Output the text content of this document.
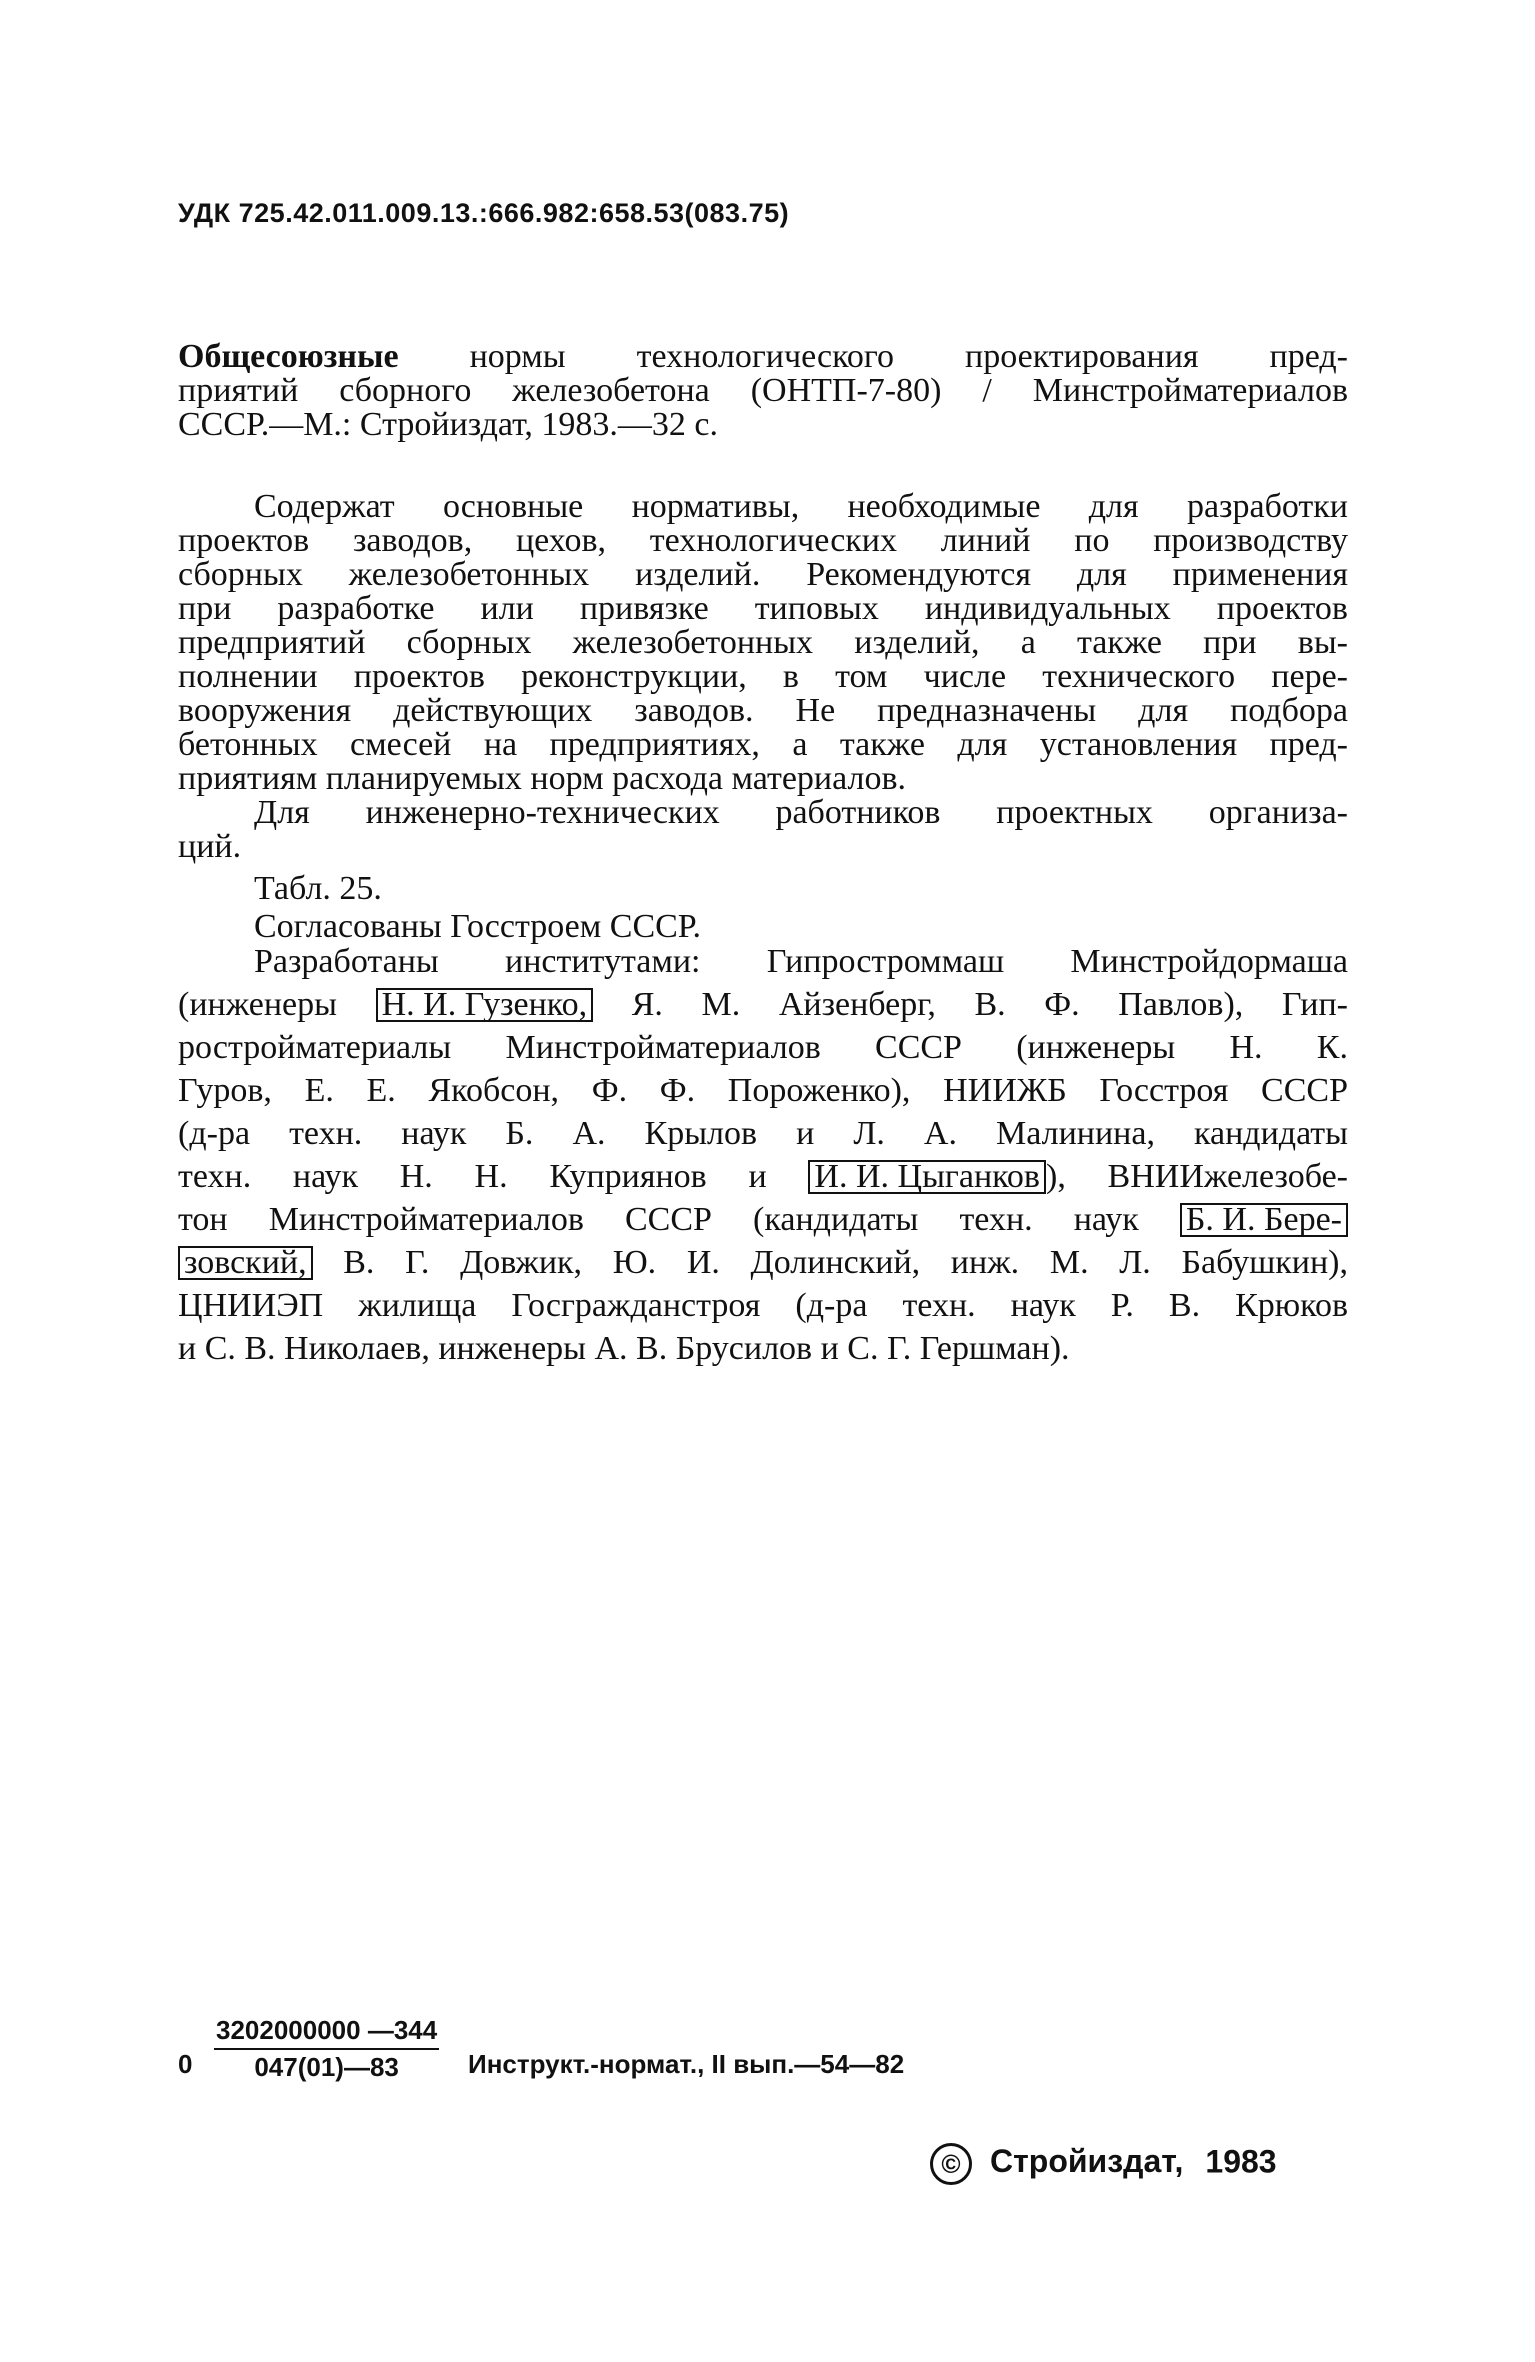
УДК 725.42.011.009.13.:666.982:658.53(083.75)
Общесоюзные нормы технологического проектирования пред-
приятий сборного железобетона (ОНТП-7-80) / Минстройматериалов
СССР.—М.: Стройиздат, 1983.—32 с.
Содержат основные нормативы, необходимые для разработки
проектов заводов, цехов, технологических линий по производству
сборных железобетонных изделий. Рекомендуются для применения
при разработке или привязке типовых индивидуальных проектов
предприятий сборных железобетонных изделий, а также при вы-
полнении проектов реконструкции, в том числе технического пере-
вооружения действующих заводов. Не предназначены для подбора
бетонных смесей на предприятиях, а также для установления пред-
приятиям планируемых норм расхода материалов.
Для инженерно-технических работников проектных организа-
ций.
Табл. 25.
Согласованы Госстроем СССР.
Разработаны институтами: Гипростроммаш Минстройдормаша
(инженеры Н. И. Гузенко, Я. М. Айзенберг, В. Ф. Павлов), Гип-
ростройматериалы Минстройматериалов СССР (инженеры Н. К.
Гуров, Е. Е. Якобсон, Ф. Ф. Пороженко), НИИЖБ Госстроя СССР
(д-ра техн. наук Б. А. Крылов и Л. А. Малинина, кандидаты
техн. наук Н. Н. Куприянов и И. И. Цыганков ), ВНИИжелезобе-
тон Минстройматериалов СССР (кандидаты техн. наук Б. И. Бере-
зовский, В. Г. Довжик, Ю. И. Долинский, инж. М. Л. Бабушкин),
ЦНИИЭП жилища Госгражданстроя (д-ра техн. наук Р. В. Крюков
и С. В. Николаев, инженеры А. В. Брусилов и С. Г. Гершман).
$0 \frac{3202000000 —344}{047(01)—83}$ Инструкт.-нормат., II вып.—54—82
© Стройиздат, 1983
